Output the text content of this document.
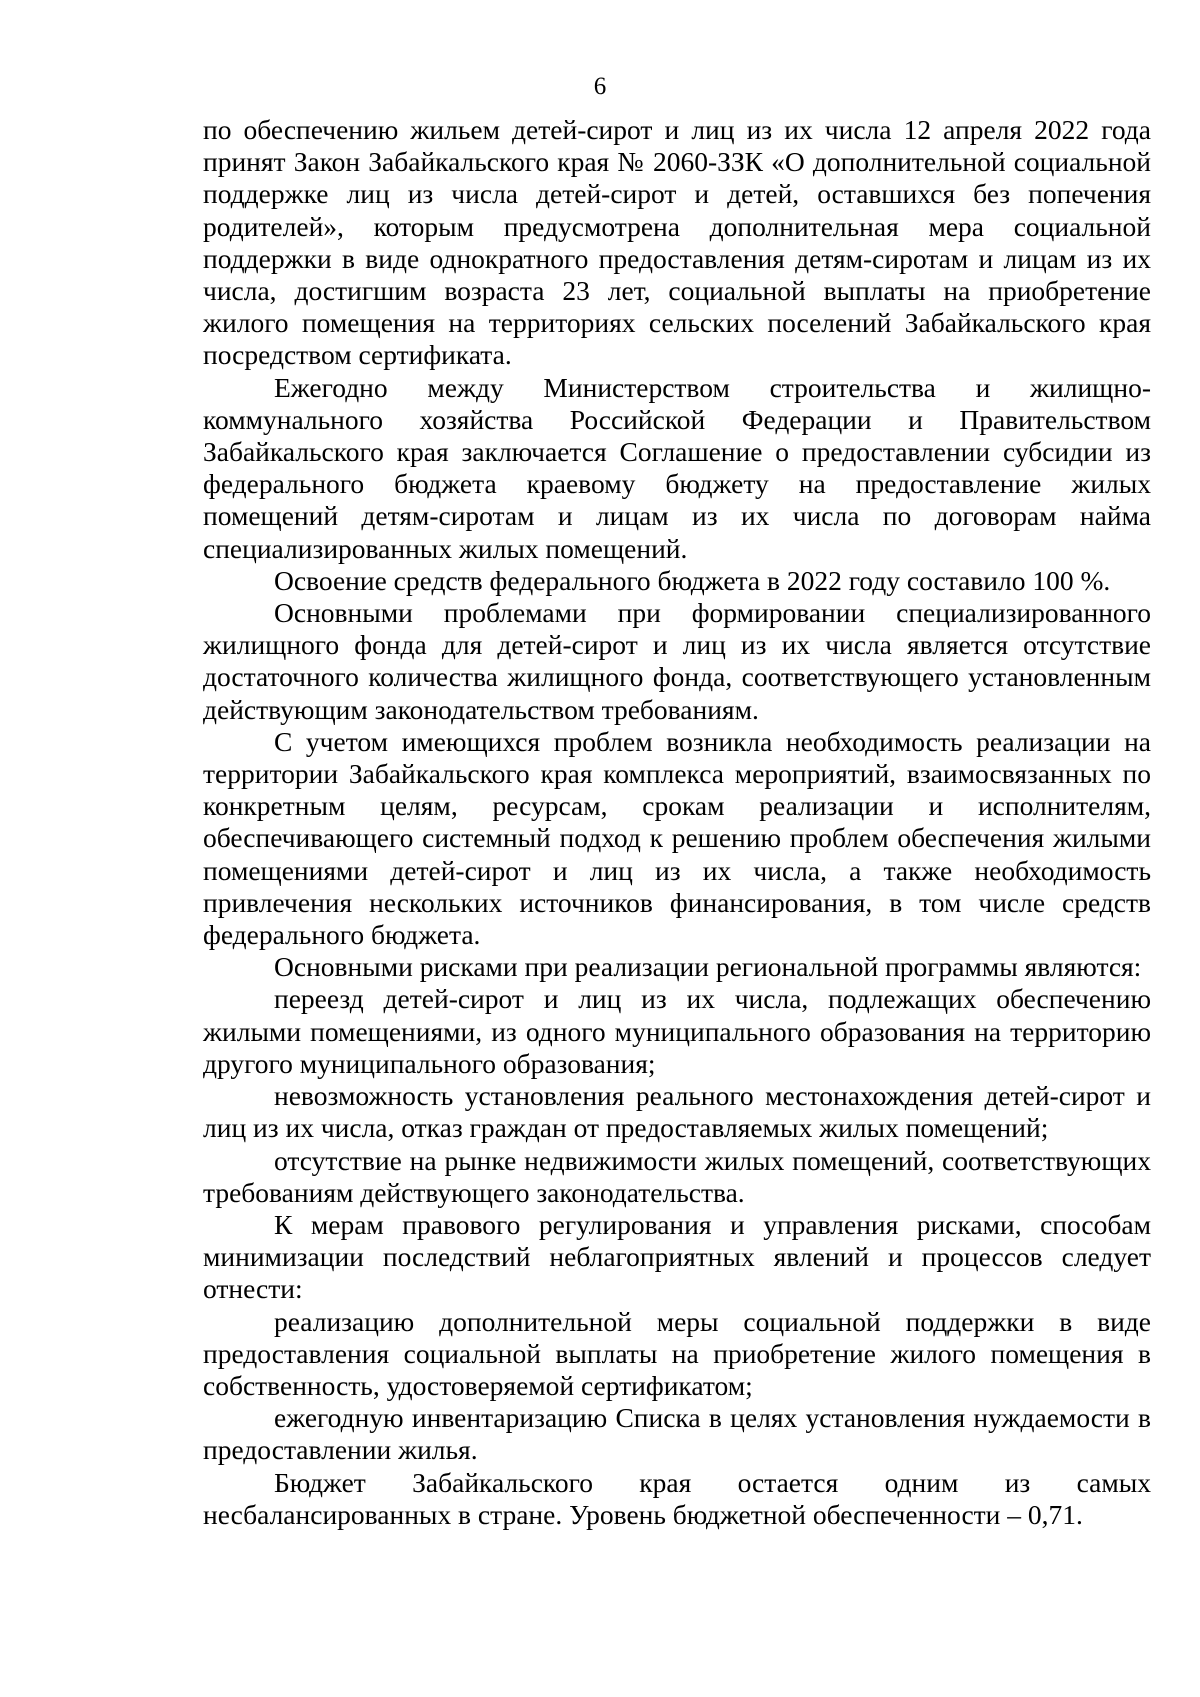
6

по обеспечению жильем детей-сирот и лиц из их числа 12 апреля 2022 года принят Закон Забайкальского края № 2060-ЗЗК «О дополнительной социальной поддержке лиц из числа детей-сирот и детей, оставшихся без попечения родителей», которым предусмотрена дополнительная мера социальной поддержки в виде однократного предоставления детям-сиротам и лицам из их числа, достигшим возраста 23 лет, социальной выплаты на приобретение жилого помещения на территориях сельских поселений Забайкальского края посредством сертификата.

Ежегодно между Министерством строительства и жилищно-коммунального хозяйства Российской Федерации и Правительством Забайкальского края заключается Соглашение о предоставлении субсидии из федерального бюджета краевому бюджету на предоставление жилых помещений детям-сиротам и лицам из их числа по договорам найма специализированных жилых помещений.

Освоение средств федерального бюджета в 2022 году составило 100 %.

Основными проблемами при формировании специализированного жилищного фонда для детей-сирот и лиц из их числа является отсутствие достаточного количества жилищного фонда, соответствующего установленным действующим законодательством требованиям.

С учетом имеющихся проблем возникла необходимость реализации на территории Забайкальского края комплекса мероприятий, взаимосвязанных по конкретным целям, ресурсам, срокам реализации и исполнителям, обеспечивающего системный подход к решению проблем обеспечения жилыми помещениями детей-сирот и лиц из их числа, а также необходимость привлечения нескольких источников финансирования, в том числе средств федерального бюджета.

Основными рисками при реализации региональной программы являются:

переезд детей-сирот и лиц из их числа, подлежащих обеспечению жилыми помещениями, из одного муниципального образования на территорию другого муниципального образования;

невозможность установления реального местонахождения детей-сирот и лиц из их числа, отказ граждан от предоставляемых жилых помещений;

отсутствие на рынке недвижимости жилых помещений, соответствующих требованиям действующего законодательства.

К мерам правового регулирования и управления рисками, способам минимизации последствий неблагоприятных явлений и процессов следует отнести:

реализацию дополнительной меры социальной поддержки в виде предоставления социальной выплаты на приобретение жилого помещения в собственность, удостоверяемой сертификатом;

ежегодную инвентаризацию Списка в целях установления нуждаемости в предоставлении жилья.

Бюджет Забайкальского края остается одним из самых несбалансированных в стране. Уровень бюджетной обеспеченности – 0,71.
